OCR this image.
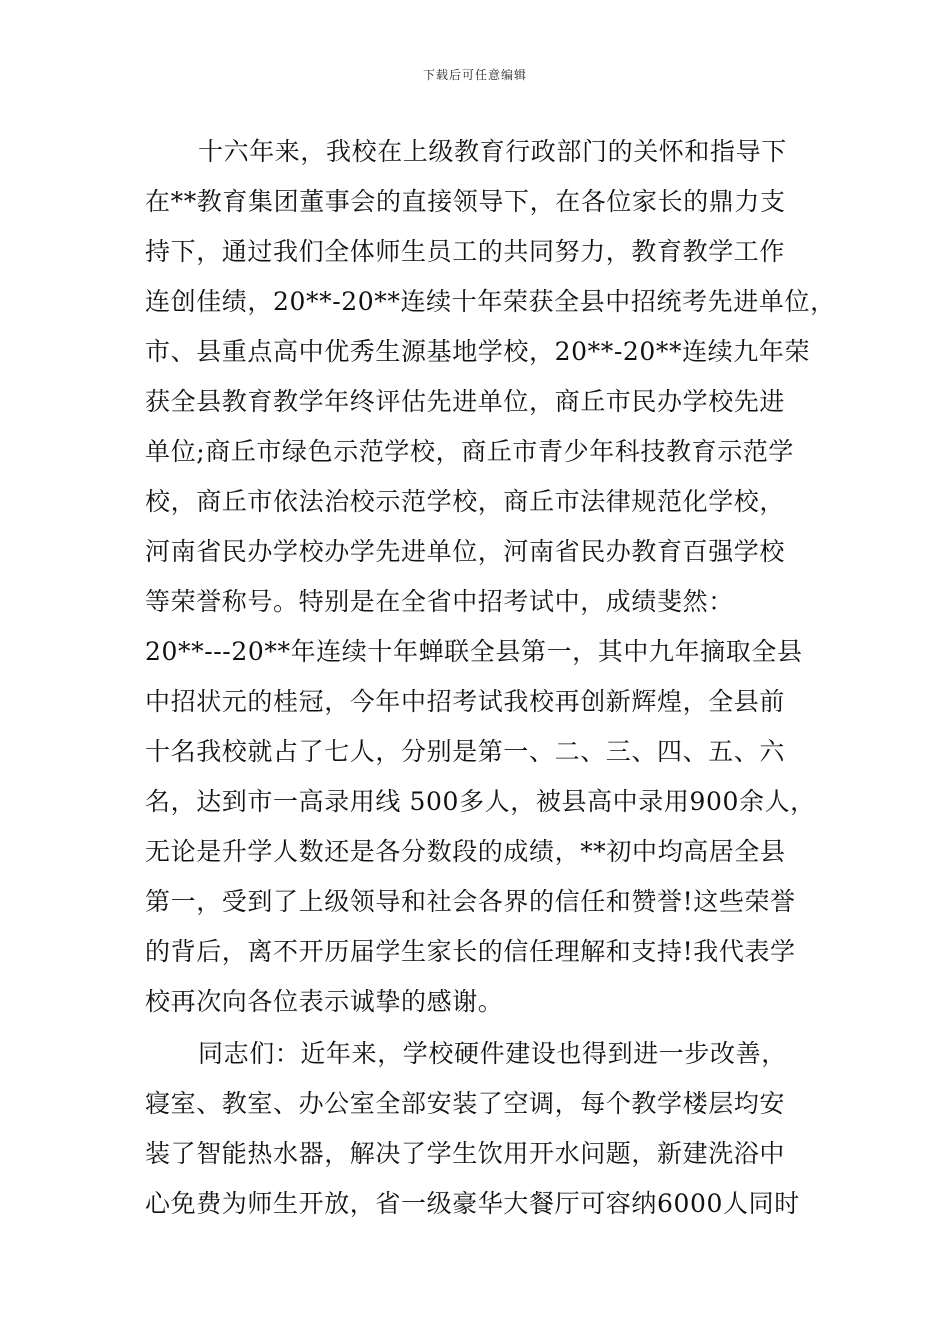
下载后可任意编辑
十六年来，我校在上级教育行政部门的关怀和指导下
在**教育集团董事会的直接领导下，在各位家长的鼎力支
持下，通过我们全体师生员工的共同努力，教育教学工作
连创佳绩，20**-20**连续十年荣获全县中招统考先进单位，
市、县重点高中优秀生源基地学校，20**-20**连续九年荣
获全县教育教学年终评估先进单位，商丘市民办学校先进
单位;商丘市绿色示范学校，商丘市青少年科技教育示范学
校，商丘市依法治校示范学校，商丘市法律规范化学校，
河南省民办学校办学先进单位，河南省民办教育百强学校
等荣誉称号。特别是在全省中招考试中，成绩斐然：
20**---20**年连续十年蝉联全县第一，其中九年摘取全县
中招状元的桂冠，今年中招考试我校再创新辉煌，全县前
十名我校就占了七人，分别是第一、二、三、四、五、六
名，达到市一高录用线 500多人，被县高中录用900余人，
无论是升学人数还是各分数段的成绩，**初中均高居全县
第一，受到了上级领导和社会各界的信任和赞誉!这些荣誉
的背后，离不开历届学生家长的信任理解和支持!我代表学
校再次向各位表示诚挚的感谢。
同志们：近年来，学校硬件建设也得到进一步改善，
寝室、教室、办公室全部安装了空调，每个教学楼层均安
装了智能热水器，解决了学生饮用开水问题，新建洗浴中
心免费为师生开放，省一级豪华大餐厅可容纳6000人同时
